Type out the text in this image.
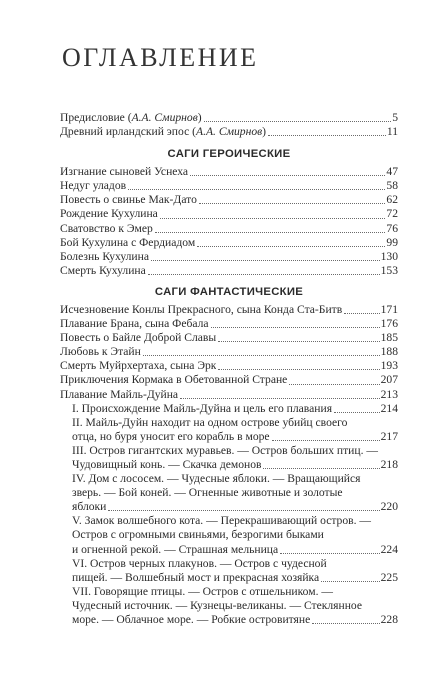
ОГЛАВЛЕНИЕ
Предисловие (А.А. Смирнов)	5
Древний ирландский эпос (А.А. Смирнов)	11
САГИ ГЕРОИЧЕСКИЕ
Изгнание сыновей Уснеха	47
Недуг уладов	58
Повесть о свинье Мак-Дато	62
Рождение Кухулина	72
Сватовство к Эмер	76
Бой Кухулина с Фердиадом	99
Болезнь Кухулина	130
Смерть Кухулина	153
САГИ ФАНТАСТИЧЕСКИЕ
Исчезновение Конлы Прекрасного, сына Конда Ста-Битв	171
Плавание Брана, сына Фебала	176
Повесть о Байле Доброй Славы	185
Любовь к Этайн	188
Смерть Муйрхертаха, сына Эрк	193
Приключения Кормака в Обетованной Стране	207
Плавание Майль-Дуйна	213
I. Происхождение Майль-Дуйна и цель его плавания	214
II. Майль-Дуйн находит на одном острове убийц своего
отца, но буря уносит его корабль в море	217
III. Остров гигантских муравьев. — Остров больших птиц. —
Чудовищный конь. — Скачка демонов	218
IV. Дом с лососем. — Чудесные яблоки. — Вращающийся
зверь. — Бой коней. — Огненные животные и золотые
яблоки	220
V. Замок волшебного кота. — Перекрашивающий остров. —
Остров с огромными свиньями, безрогими быками
и огненной рекой. — Страшная мельница	224
VI. Остров черных плакунов. — Остров с чудесной
пищей. — Волшебный мост и прекрасная хозяйка	225
VII. Говорящие птицы. — Остров с отшельником. —
Чудесный источник. — Кузнецы-великаны. — Стеклянное
море. — Облачное море. — Робкие островитяне	228
